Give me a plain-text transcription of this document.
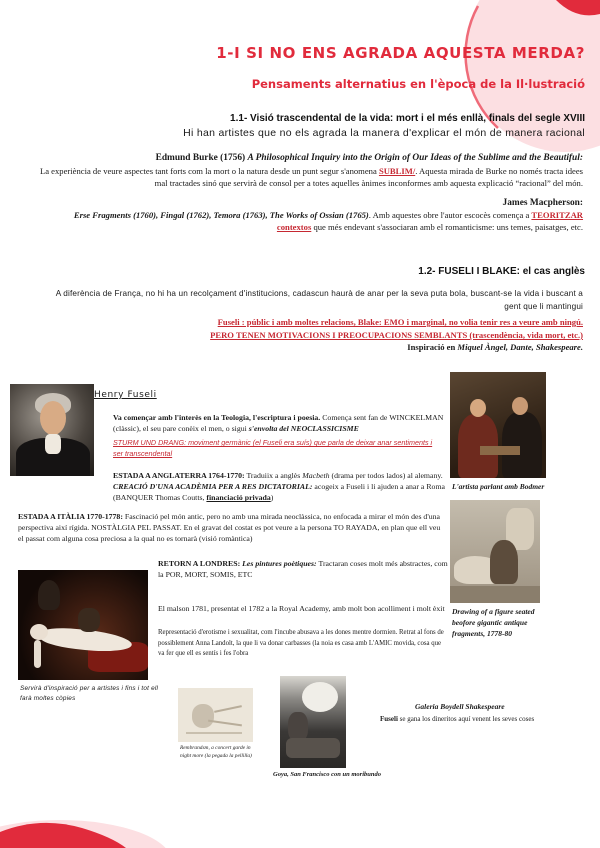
1-I SI NO ENS AGRADA AQUESTA MERDA?
Pensaments alternatius en l'època de la Il·lustració
1.1- Visió trascendental de la vida: mort i el més enllà, finals del segle XVIII
Hi han artistes que no els agrada la manera d'explicar el món de manera racional
Edmund Burke (1756) A Philosophical Inquiry into the Origin of Our Ideas of the Sublime and the Beautiful:
La experiència de veure aspectes tant forts com la mort o la natura desde un punt segur s'anomena SUBLIM/. Aquesta mirada de Burke no només tracta idees mal tractades sinó que servirà de consol per a totes aquelles ànimes inconformes amb aquesta explicació “racional” del món.
James Macpherson:
Erse Fragments (1760), Fingal (1762), Temora (1763), The Works of Ossian (1765). Amb aquestes obre l'autor escocès comença a TEORITZAR contextos que més endevant s'associaran amb el romanticisme: uns temes, paisatges, etc.
1.2- FUSELI I BLAKE: el cas anglès
A diferència de França, no hi ha un recolçament d'institucions, cadascun haurà de anar per la seva puta bola, buscant-se la vida i buscant a gent que li mantingui
Fuseli : públic i amb moltes relacions, Blake: EMO i marginal, no volia tenir res a veure amb ningú.
PERO TENEN MOTIVACIONS I PREOCUPACIONS SEMBLANTS (trascendència, vida mort, etc.)
Inspiració en Miquel Àngel, Dante, Shakespeare.
Henry Fuseli
Va començar amb l'interès en la Teologia, l'escriptura i poesia. Comença sent fan de WINCKELMAN (clàssic), el seu pare conèix el men, o sigui s'envolta del NEOCLASSICISME
STURM UND DRANG: moviment germànic (el Fuseli era suís) que parla de deixar anar sentiments i ser transcendental
ESTADA A ANGLATERRA 1764-1770: Traduiix a anglès Macbeth (drama per todos lados) al alemany. CREACIÓ D'UNA ACADÈMIA PER A RES DICTATORIAL: acogeix a Fuseli i li ajuden a anar a Roma (BANQUER Thomas Coutts, financiació privada)
L'artista parlant amb Bodmer
ESTADA A ITÀLIA 1770-1778: Fascinació pel món antic, pero no amb una mirada neoclàssica, no enfocada a mirar el món des d'una perspectiva així rígida. NOSTÀLGIA PEL PASSAT. En el gravat del costat es pot veure a la persona TO RAYADA, en plan que ell veu el passat com alguna cosa preciosa a la qual no es tornarà (visió romàntica)
RETORN A LONDRES: Les pintures poètiques: Tractaran coses molt més abstractes, com la POR, MORT, SOMIS, ETC
El malson 1781, presentat el 1782 a la Royal Academy, amb molt bon acolliment i molt èxit
Representació d'erotisme i sexualitat, com l'incube abusava a les dones mentre dormien. Retrat al fons de possiblement Anna Landolt, la que li va donar carbasses (la noia es casa amb L'AMIC movida, cosa que va fer que ell es sentís i fes l'obra
Drawing of a figure seated beofore gigantic antique fragments, 1778-80
Servirà d'inspiració per a artistes i fins i tot ell farà moltes còpies
Rembrandsm, a concert garde in night more (la pegada la pellilla)
Goya, San Francisco con un moribundo
Galeria Boydell Shakespeare
Fuseli se gana los dineritos aquí venent les seves coses
